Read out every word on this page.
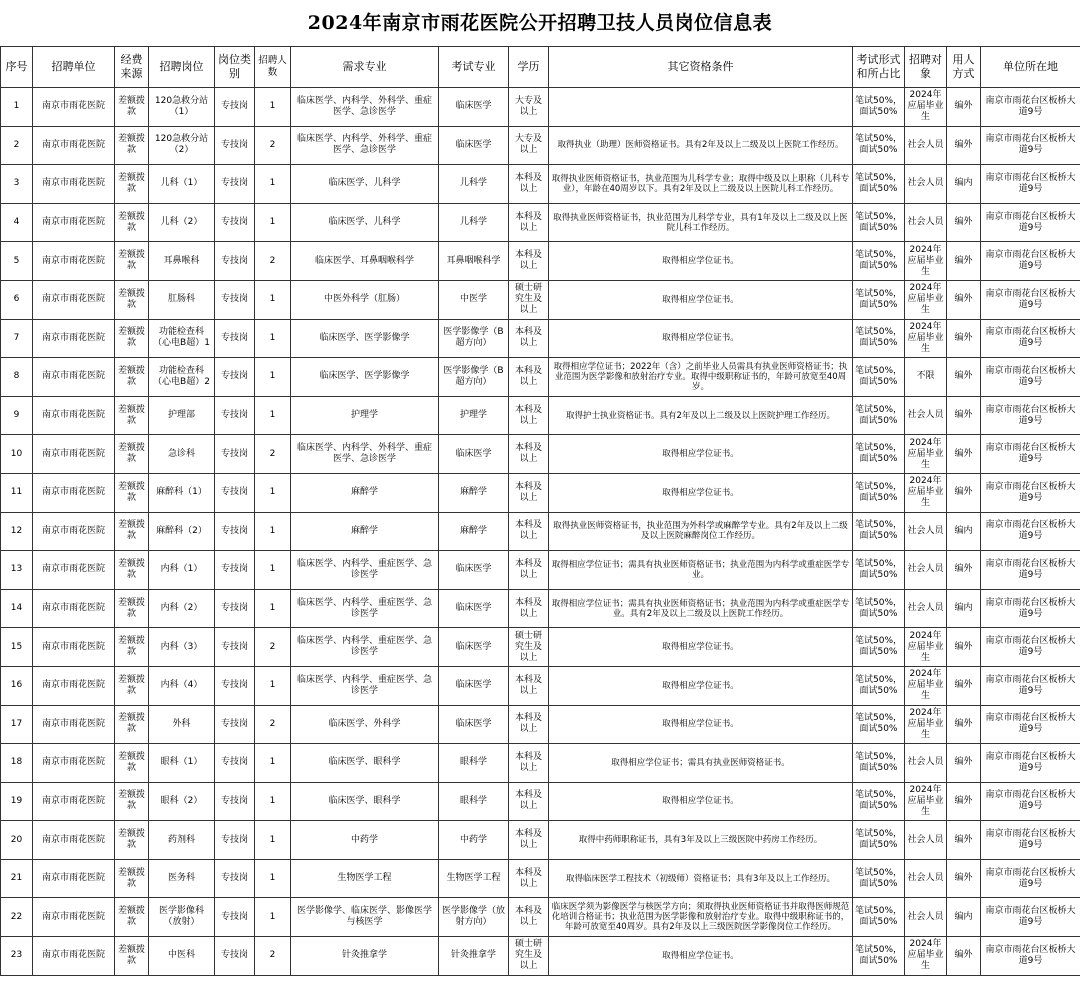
2024年南京市雨花医院公开招聘卫技人员岗位信息表
序号	招聘单位	经费来源	招聘岗位	岗位类别	招聘人数	需求专业	考试专业	学历	其它资格条件	考试形式和所占比	招聘对象	用人方式	单位所在地
1	南京市雨花医院	差额拨款	120急救分站（1）	专技岗	1	临床医学、内科学、外科学、重症医学、急诊医学	临床医学	大专及以上		笔试50%，面试50%	2024年应届毕业生	编外	南京市雨花台区板桥大道9号
2	南京市雨花医院	差额拨款	120急救分站（2）	专技岗	2	临床医学、内科学、外科学、重症医学、急诊医学	临床医学	大专及以上	取得执业（助理）医师资格证书。具有2年及以上二级及以上医院工作经历。	笔试50%，面试50%	社会人员	编外	南京市雨花台区板桥大道9号
3	南京市雨花医院	差额拨款	儿科（1）	专技岗	1	临床医学、儿科学	儿科学	本科及以上	取得执业医师资格证书，执业范围为儿科学专业；取得中级及以上职称（儿科专业），年龄在40周岁以下。具有2年及以上二级及以上医院儿科工作经历。	笔试50%，面试50%	社会人员	编内	南京市雨花台区板桥大道9号
4	南京市雨花医院	差额拨款	儿科（2）	专技岗	1	临床医学、儿科学	儿科学	本科及以上	取得执业医师资格证书，执业范围为儿科学专业，具有1年及以上二级及以上医院儿科工作经历。	笔试50%，面试50%	社会人员	编外	南京市雨花台区板桥大道9号
5	南京市雨花医院	差额拨款	耳鼻喉科	专技岗	2	临床医学、耳鼻咽喉科学	耳鼻咽喉科学	本科及以上	取得相应学位证书。	笔试50%，面试50%	2024年应届毕业生	编外	南京市雨花台区板桥大道9号
6	南京市雨花医院	差额拨款	肛肠科	专技岗	1	中医外科学（肛肠）	中医学	硕士研究生及以上	取得相应学位证书。	笔试50%，面试50%	2024年应届毕业生	编外	南京市雨花台区板桥大道9号
7	南京市雨花医院	差额拨款	功能检查科（心电B超）1	专技岗	1	临床医学、医学影像学	医学影像学（B超方向）	本科及以上	取得相应学位证书。	笔试50%，面试50%	2024年应届毕业生	编外	南京市雨花台区板桥大道9号
8	南京市雨花医院	差额拨款	功能检查科（心电B超）2	专技岗	1	临床医学、医学影像学	医学影像学（B超方向）	本科及以上	取得相应学位证书；2022年（含）之前毕业人员需具有执业医师资格证书；执业范围为医学影像和放射治疗专业。取得中级职称证书的，年龄可放宽至40周岁。	笔试50%，面试50%	不限	编外	南京市雨花台区板桥大道9号
9	南京市雨花医院	差额拨款	护理部	专技岗	1	护理学	护理学	本科及以上	取得护士执业资格证书。具有2年及以上二级及以上医院护理工作经历。	笔试50%，面试50%	社会人员	编外	南京市雨花台区板桥大道9号
10	南京市雨花医院	差额拨款	急诊科	专技岗	2	临床医学、内科学、外科学、重症医学、急诊医学	临床医学	本科及以上	取得相应学位证书。	笔试50%，面试50%	2024年应届毕业生	编外	南京市雨花台区板桥大道9号
11	南京市雨花医院	差额拨款	麻醉科（1）	专技岗	1	麻醉学	麻醉学	本科及以上	取得相应学位证书。	笔试50%，面试50%	2024年应届毕业生	编外	南京市雨花台区板桥大道9号
12	南京市雨花医院	差额拨款	麻醉科（2）	专技岗	1	麻醉学	麻醉学	本科及以上	取得执业医师资格证书，执业范围为外科学或麻醉学专业。具有2年及以上二级及以上医院麻醉岗位工作经历。	笔试50%，面试50%	社会人员	编内	南京市雨花台区板桥大道9号
13	南京市雨花医院	差额拨款	内科（1）	专技岗	1	临床医学、内科学、重症医学、急诊医学	临床医学	本科及以上	取得相应学位证书；需具有执业医师资格证书；执业范围为内科学或重症医学专业。	笔试50%，面试50%	社会人员	编外	南京市雨花台区板桥大道9号
14	南京市雨花医院	差额拨款	内科（2）	专技岗	1	临床医学、内科学、重症医学、急诊医学	临床医学	本科及以上	取得相应学位证书；需具有执业医师资格证书；执业范围为内科学或重症医学专业。具有2年及以上二级及以上医院工作经历。	笔试50%，面试50%	社会人员	编内	南京市雨花台区板桥大道9号
15	南京市雨花医院	差额拨款	内科（3）	专技岗	2	临床医学、内科学、重症医学、急诊医学	临床医学	硕士研究生及以上	取得相应学位证书。	笔试50%，面试50%	2024年应届毕业生	编外	南京市雨花台区板桥大道9号
16	南京市雨花医院	差额拨款	内科（4）	专技岗	1	临床医学、内科学、重症医学、急诊医学	临床医学	本科及以上	取得相应学位证书。	笔试50%，面试50%	2024年应届毕业生	编外	南京市雨花台区板桥大道9号
17	南京市雨花医院	差额拨款	外科	专技岗	2	临床医学、外科学	临床医学	本科及以上	取得相应学位证书。	笔试50%，面试50%	2024年应届毕业生	编外	南京市雨花台区板桥大道9号
18	南京市雨花医院	差额拨款	眼科（1）	专技岗	1	临床医学、眼科学	眼科学	本科及以上	取得相应学位证书；需具有执业医师资格证书。	笔试50%，面试50%	社会人员	编外	南京市雨花台区板桥大道9号
19	南京市雨花医院	差额拨款	眼科（2）	专技岗	1	临床医学、眼科学	眼科学	本科及以上	取得相应学位证书。	笔试50%，面试50%	2024年应届毕业生	编外	南京市雨花台区板桥大道9号
20	南京市雨花医院	差额拨款	药剂科	专技岗	1	中药学	中药学	本科及以上	取得中药师职称证书，具有3年及以上三级医院中药房工作经历。	笔试50%，面试50%	社会人员	编外	南京市雨花台区板桥大道9号
21	南京市雨花医院	差额拨款	医务科	专技岗	1	生物医学工程	生物医学工程	本科及以上	取得临床医学工程技术（初级师）资格证书；具有3年及以上工作经历。	笔试50%，面试50%	社会人员	编外	南京市雨花台区板桥大道9号
22	南京市雨花医院	差额拨款	医学影像科（放射）	专技岗	1	医学影像学、临床医学、影像医学与核医学	医学影像学（放射方向）	本科及以上	临床医学须为影像医学与核医学方向；须取得执业医师资格证书并取得医师规范化培训合格证书；执业范围为医学影像和放射治疗专业。取得中级职称证书的，年龄可放宽至40周岁。具有2年及以上三级医院医学影像岗位工作经历。	笔试50%，面试50%	社会人员	编内	南京市雨花台区板桥大道9号
23	南京市雨花医院	差额拨款	中医科	专技岗	2	针灸推拿学	针灸推拿学	硕士研究生及以上	取得相应学位证书。	笔试50%，面试50%	2024年应届毕业生	编外	南京市雨花台区板桥大道9号
